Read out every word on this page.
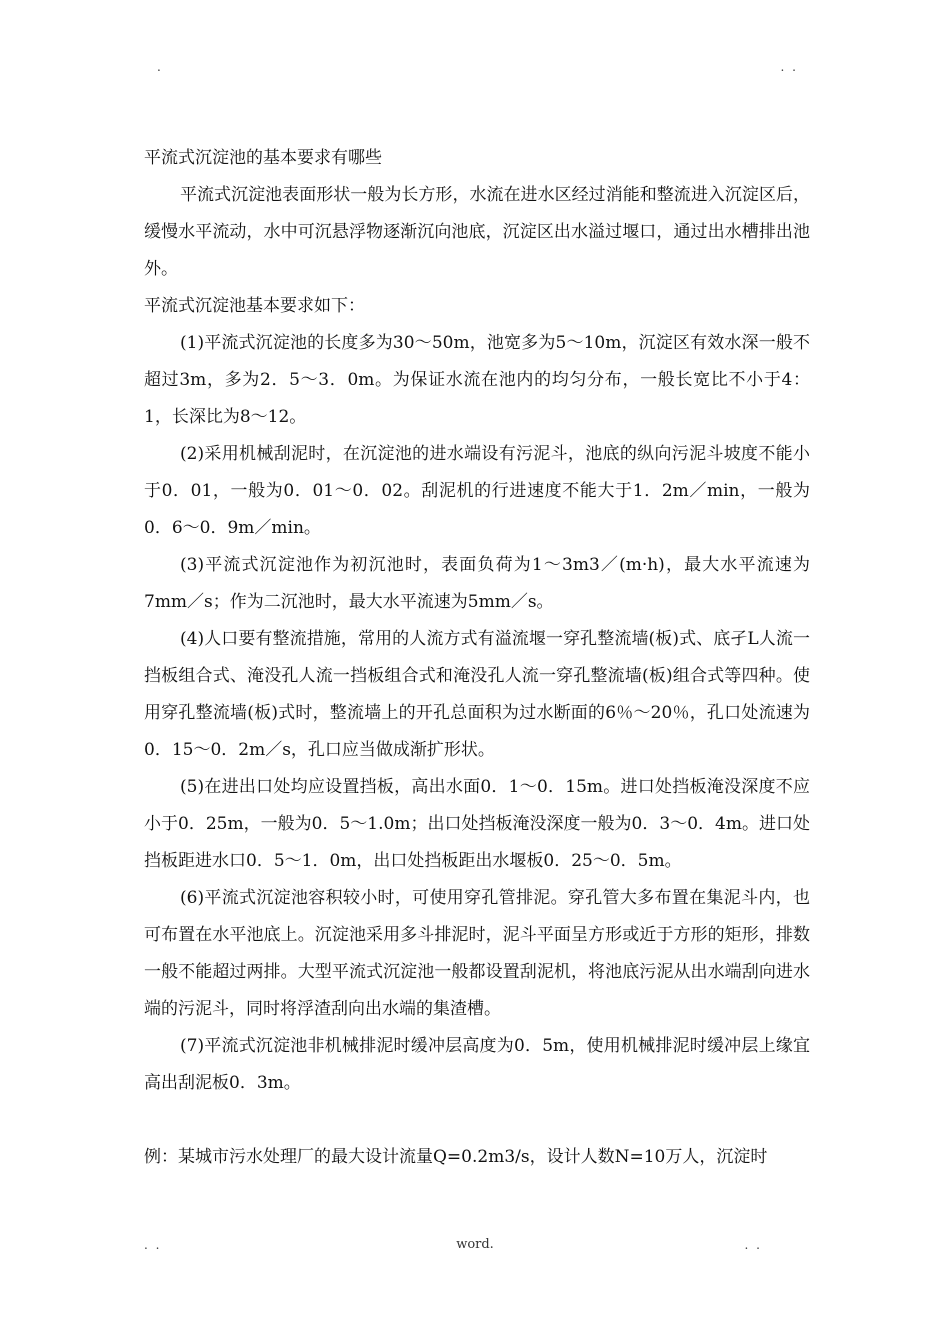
.	. .

平流式沉淀池的基本要求有哪些

平流式沉淀池表面形状一般为长方形，水流在进水区经过消能和整流进入沉淀区后，缓慢水平流动，水中可沉悬浮物逐渐沉向池底，沉淀区出水溢过堰口，通过出水槽排出池外。

平流式沉淀池基本要求如下：

(1)平流式沉淀池的长度多为30～50m，池宽多为5～10m，沉淀区有效水深一般不超过3m，多为2．5～3．0m。为保证水流在池内的均匀分布，一般长宽比不小于4：1，长深比为8～12。

(2)采用机械刮泥时，在沉淀池的进水端设有污泥斗，池底的纵向污泥斗坡度不能小于0．01，一般为0．01～0．02。刮泥机的行进速度不能大于1．2m／min，一般为0．6～0．9m／min。

(3)平流式沉淀池作为初沉池时，表面负荷为1～3m3／(m·h)，最大水平流速为7mm／s；作为二沉池时，最大水平流速为5mm／s。

(4)人口要有整流措施，常用的人流方式有溢流堰一穿孔整流墙(板)式、底孑L人流一挡板组合式、淹没孔人流一挡板组合式和淹没孔人流一穿孔整流墙(板)组合式等四种。使用穿孔整流墙(板)式时，整流墙上的开孔总面积为过水断面的6％～20％，孔口处流速为0．15～0．2m／s，孔口应当做成渐扩形状。

(5)在进出口处均应设置挡板，高出水面0．1～0．15m。进口处挡板淹没深度不应小于0．25m，一般为0．5～1.0m；出口处挡板淹没深度一般为0．3～0．4m。进口处挡板距进水口0．5～1．0m，出口处挡板距出水堰板0．25～0．5m。

(6)平流式沉淀池容积较小时，可使用穿孔管排泥。穿孔管大多布置在集泥斗内，也可布置在水平池底上。沉淀池采用多斗排泥时，泥斗平面呈方形或近于方形的矩形，排数一般不能超过两排。大型平流式沉淀池一般都设置刮泥机，将池底污泥从出水端刮向进水端的污泥斗，同时将浮渣刮向出水端的集渣槽。

(7)平流式沉淀池非机械排泥时缓冲层高度为0．5m，使用机械排泥时缓冲层上缘宜高出刮泥板0．3m。

例：某城市污水处理厂的最大设计流量Q=0.2m3/s，设计人数N=10万人，沉淀时

. .	word.	. .
